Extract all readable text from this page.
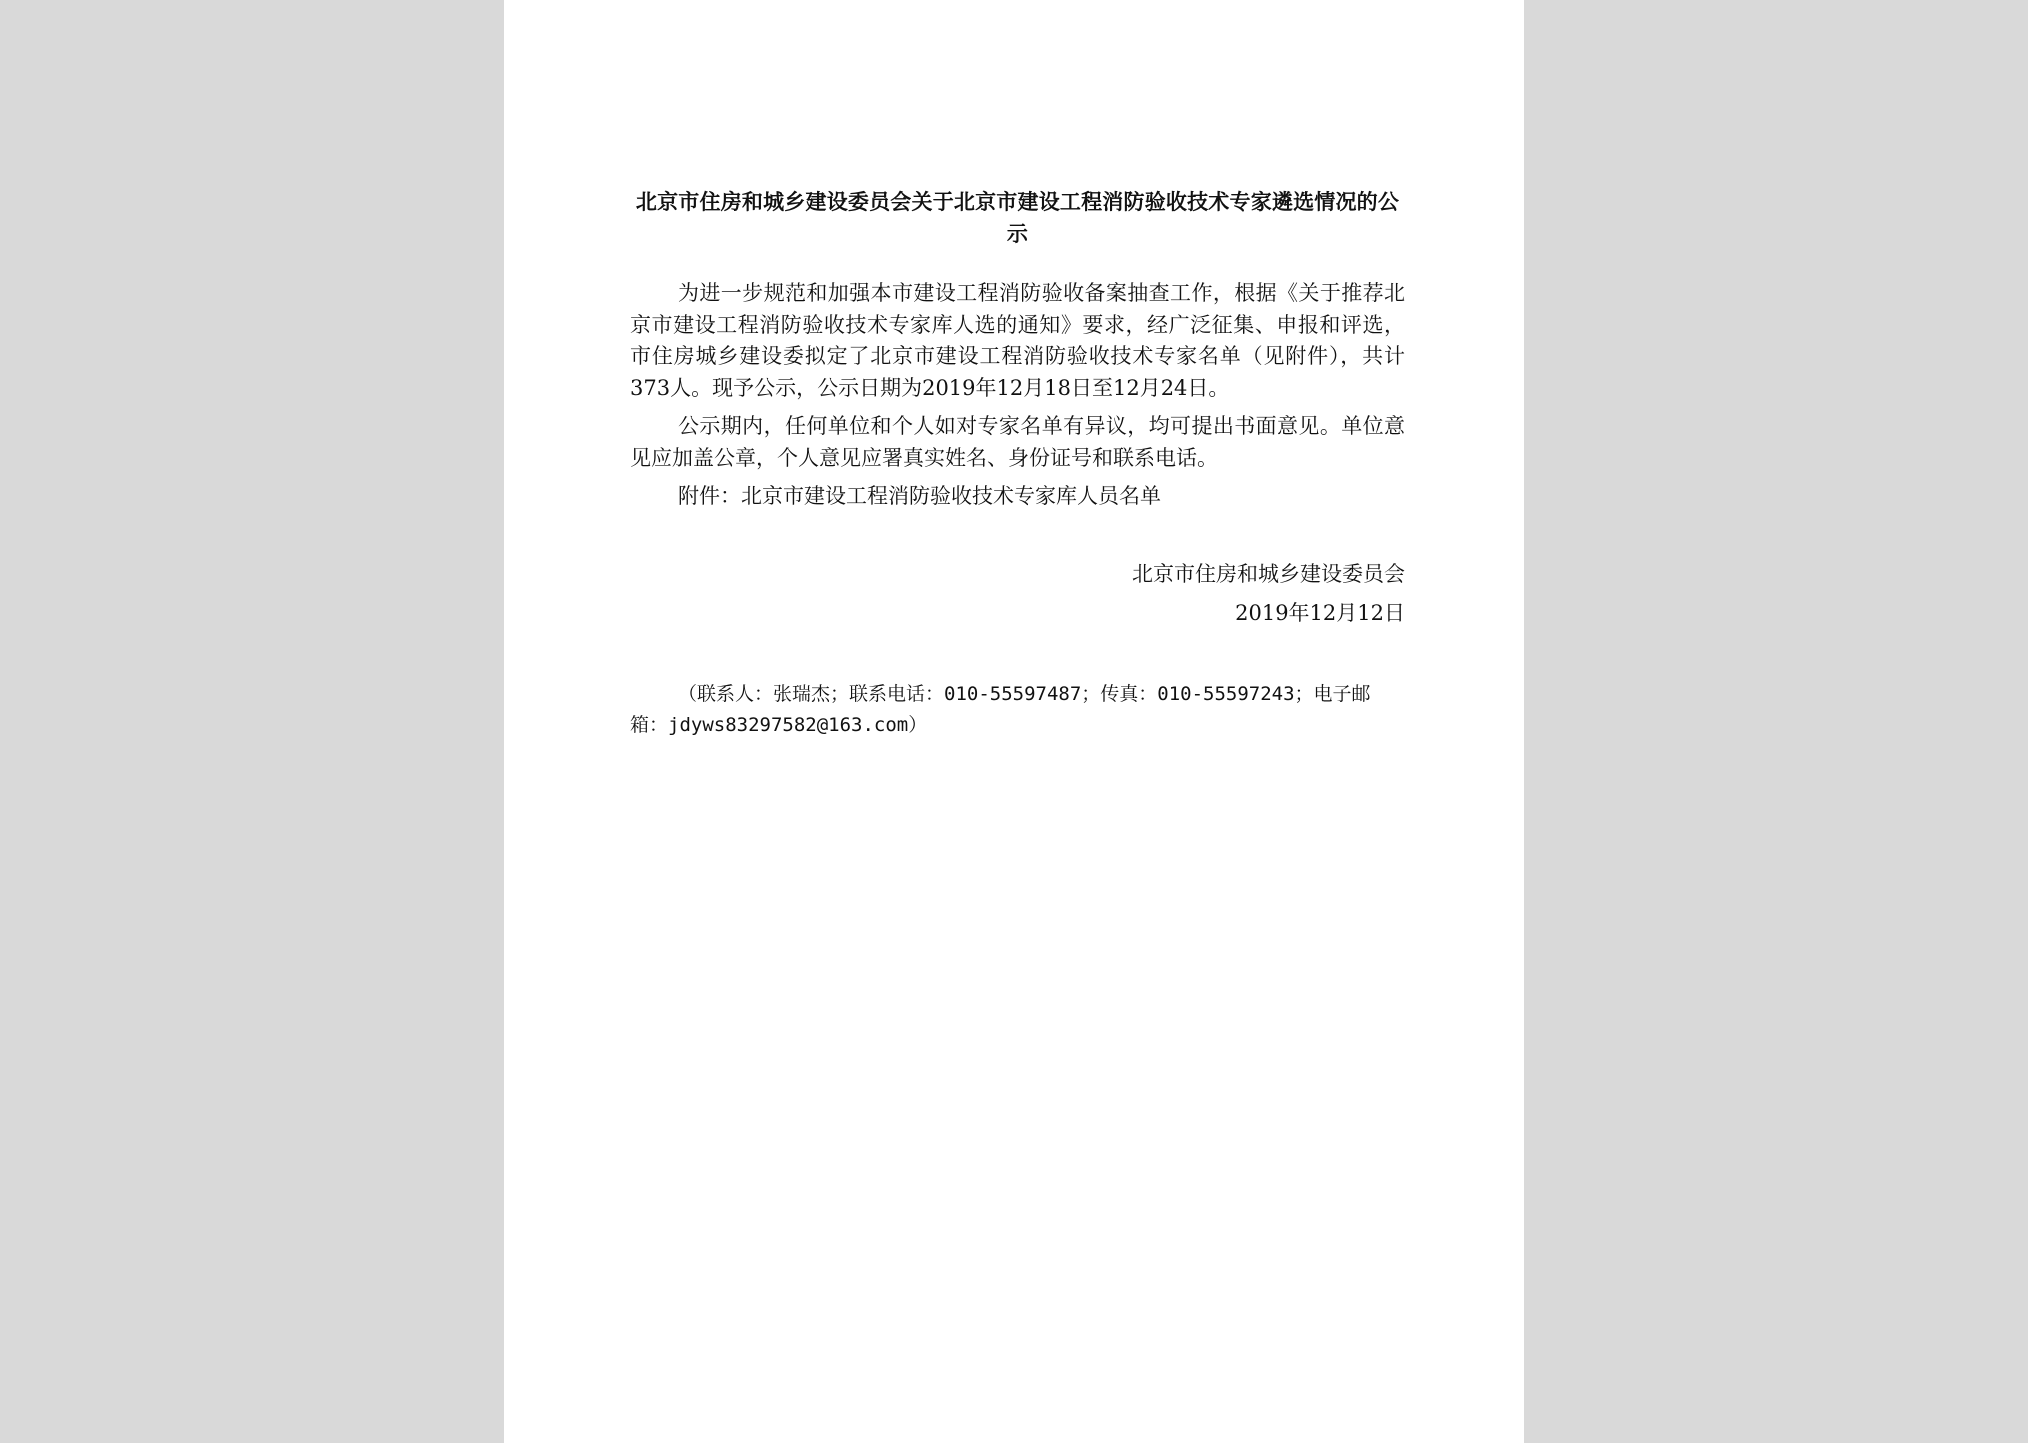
北京市住房和城乡建设委员会关于北京市建设工程消防验收技术专家遴选情况的公示

为进一步规范和加强本市建设工程消防验收备案抽查工作，根据《关于推荐北京市建设工程消防验收技术专家库人选的通知》要求，经广泛征集、申报和评选，市住房城乡建设委拟定了北京市建设工程消防验收技术专家名单（见附件），共计373人。现予公示，公示日期为2019年12月18日至12月24日。

公示期内，任何单位和个人如对专家名单有异议，均可提出书面意见。单位意见应加盖公章，个人意见应署真实姓名、身份证号和联系电话。

附件：北京市建设工程消防验收技术专家库人员名单

北京市住房和城乡建设委员会
2019年12月12日
（联系人：张瑞杰；联系电话：010-55597487；传真：010-55597243；电子邮箱：jdyws83297582@163.com）
